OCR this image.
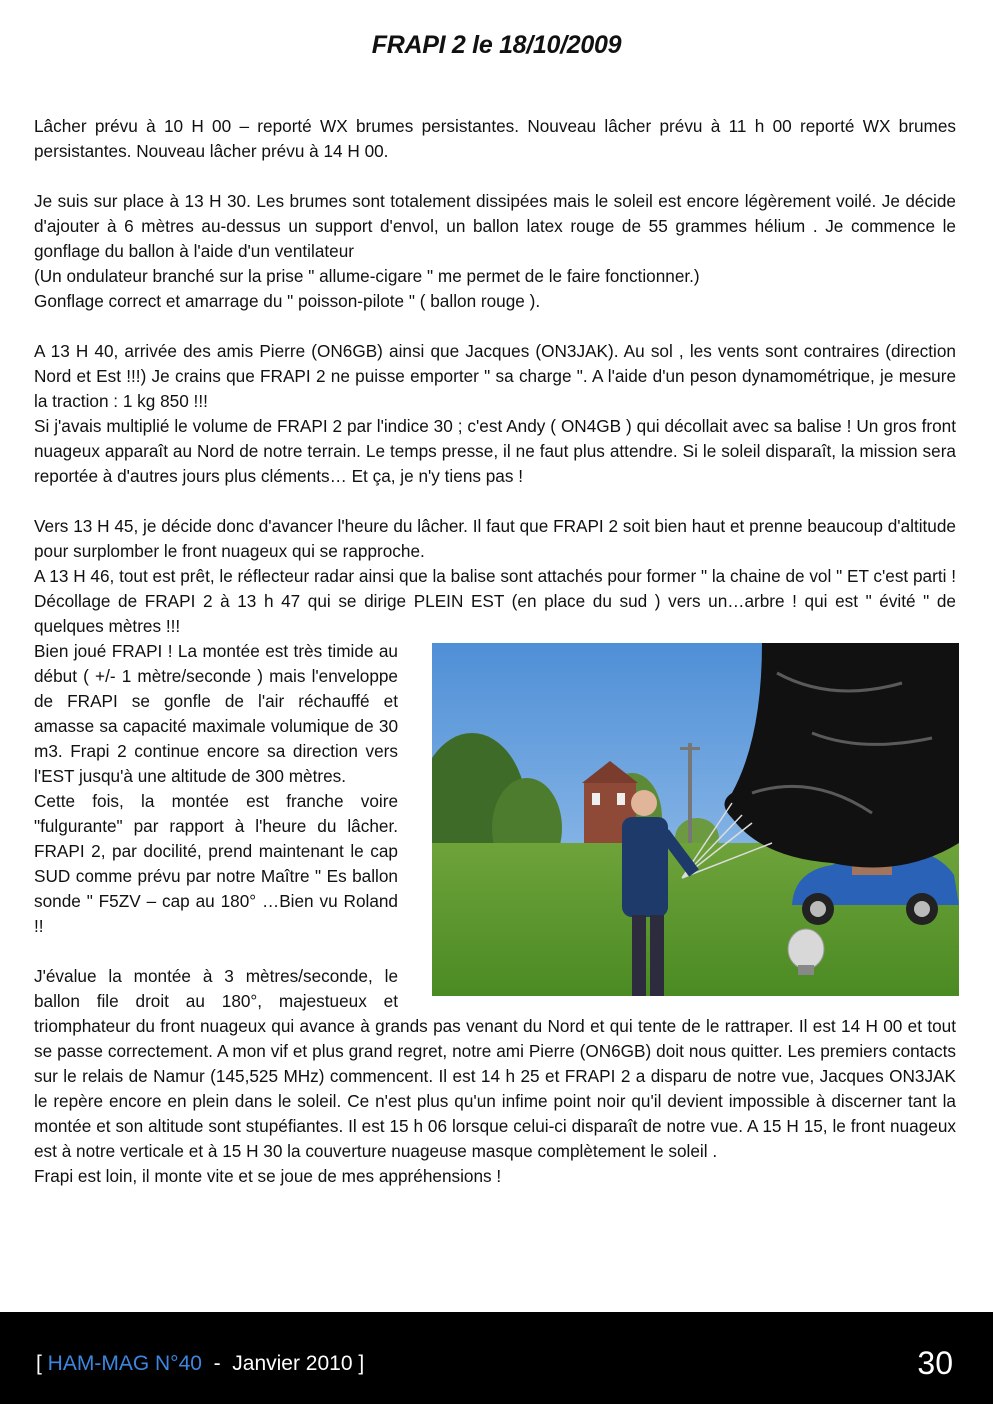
FRAPI 2 le 18/10/2009

Lâcher prévu à 10 H 00 – reporté WX brumes persistantes. Nouveau lâcher prévu à 11 h 00 reporté WX brumes persistantes. Nouveau lâcher prévu à 14 H 00.

Je suis sur place à 13 H 30. Les brumes sont totalement dissipées mais le soleil est encore légèrement voilé. Je décide d'ajouter à 6 mètres au-dessus un support d'envol, un ballon latex rouge de 55 grammes hélium . Je commence le gonflage du ballon à l'aide d'un ventilateur

(Un ondulateur branché sur la prise " allume-cigare " me permet de le faire fonctionner.)

Gonflage correct et amarrage du " poisson-pilote " ( ballon rouge ).

A 13 H 40, arrivée des amis Pierre (ON6GB) ainsi que Jacques (ON3JAK). Au sol , les vents sont contraires (direction Nord et Est !!!) Je crains que FRAPI 2 ne puisse emporter " sa charge ". A l'aide d'un peson dynamométrique, je mesure la traction : 1 kg 850 !!!

Si j'avais multiplié le volume de FRAPI 2 par l'indice 30 ; c'est Andy ( ON4GB ) qui décollait avec sa balise ! Un gros front nuageux apparaît au Nord de notre terrain. Le temps presse, il ne faut plus attendre. Si le soleil disparaît, la mission sera reportée à d'autres jours plus cléments… Et ça, je n'y tiens pas !

Vers 13 H 45, je décide donc d'avancer l'heure du lâcher. Il faut que FRAPI 2 soit bien haut et prenne beaucoup d'altitude pour surplomber le front nuageux qui se rapproche.

A 13 H 46, tout est prêt, le réflecteur radar ainsi que la balise sont attachés pour former " la chaine de vol " ET c'est parti ! Décollage de FRAPI 2 à 13 h 47 qui se dirige PLEIN EST (en place du sud ) vers un…arbre ! qui est " évité " de quelques mètres !!!

Bien joué FRAPI ! La montée est très timide au début ( +/- 1 mètre/seconde ) mais l'enveloppe de FRAPI se gonfle de l'air réchauffé et amasse sa capacité maximale volumique de 30 m3. Frapi 2 continue encore sa direction vers l'EST jusqu'à une altitude de 300 mètres.

Cette fois, la montée est franche voire "fulgurante" par rapport à l'heure du lâcher. FRAPI 2, par docilité, prend maintenant le cap SUD comme prévu par notre Maître " Es ballon sonde " F5ZV – cap au 180° …Bien vu Roland !!

J'évalue la montée à 3 mètres/seconde, le ballon file droit au 180°, majestueux et triomphateur du front nuageux qui avance à grands pas venant du Nord et qui tente de le rattraper. Il est 14 H 00 et tout se passe correctement. A mon vif et plus grand regret, notre ami Pierre (ON6GB) doit nous quitter. Les premiers contacts sur le relais de Namur (145,525 MHz) commencent. Il est 14 h 25 et FRAPI 2 a disparu de notre vue, Jacques ON3JAK le repère encore en plein dans le soleil. Ce n'est plus qu'un infime point noir qu'il devient impossible à discerner tant la montée et son altitude sont stupéfiantes. Il est 15 h 06 lorsque celui-ci disparaît de notre vue. A 15 H 15, le front nuageux est à notre verticale et à 15 H 30 la couverture nuageuse masque complètement le soleil .

Frapi est loin, il monte vite et se joue de mes appréhensions !

[ HAM-MAG N°40  -  Janvier 2010 ]	30
